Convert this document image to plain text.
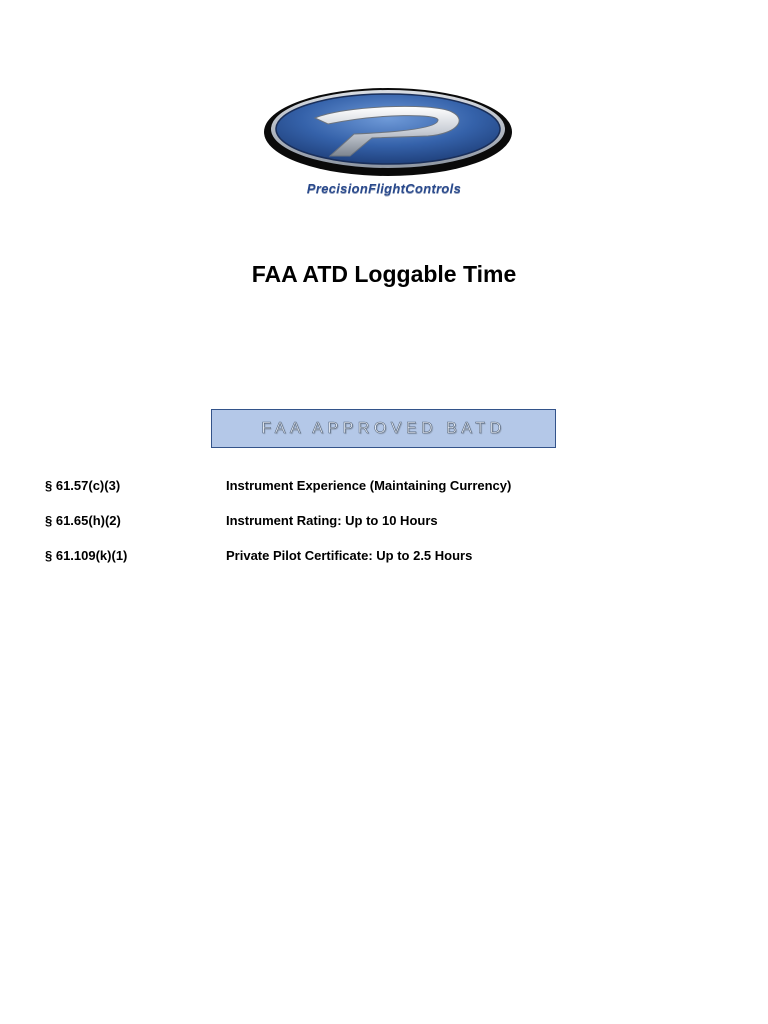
PrecisionFlightControls
FAA ATD Loggable Time
FAA APPROVED BATD
§ 61.57(c)(3)	Instrument Experience (Maintaining Currency)
§ 61.65(h)(2)	Instrument Rating: Up to 10 Hours
§ 61.109(k)(1)	Private Pilot Certificate: Up to 2.5 Hours
